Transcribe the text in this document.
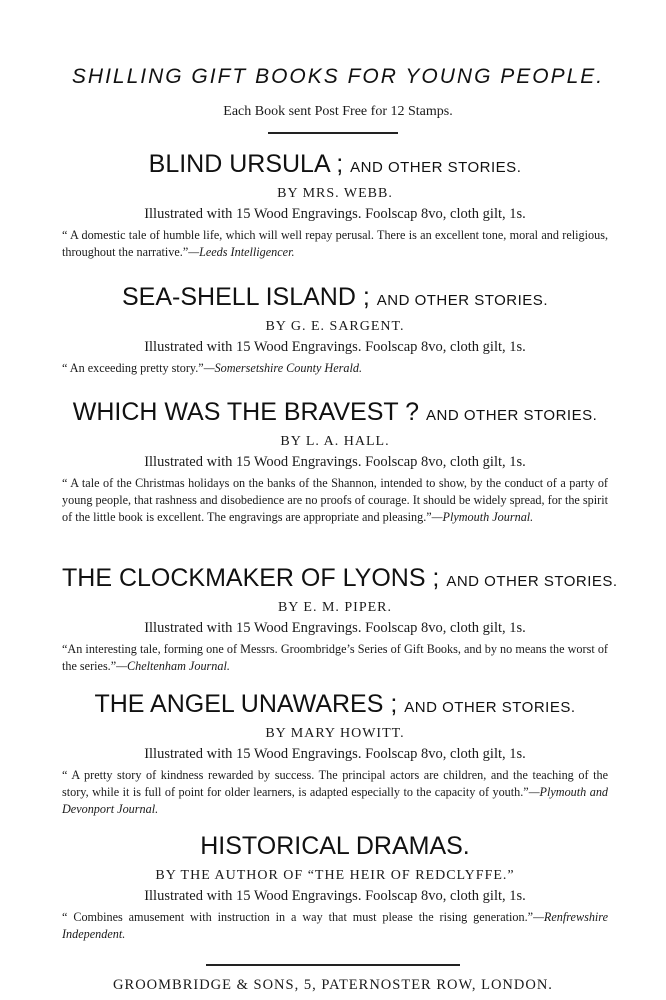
SHILLING GIFT BOOKS FOR YOUNG PEOPLE.
Each Book sent Post Free for 12 Stamps.
BLIND URSULA ; AND OTHER STORIES.
BY MRS. WEBB.
Illustrated with 15 Wood Engravings. Foolscap 8vo, cloth gilt, 1s.
“ A domestic tale of humble life, which will well repay perusal. There is an excellent tone, moral and religious, throughout the narrative.”—Leeds Intelligencer.
SEA-SHELL ISLAND ; AND OTHER STORIES.
BY G. E. SARGENT.
Illustrated with 15 Wood Engravings. Foolscap 8vo, cloth gilt, 1s.
“ An exceeding pretty story.”—Somersetshire County Herald.
WHICH WAS THE BRAVEST ? AND OTHER STORIES.
BY L. A. HALL.
Illustrated with 15 Wood Engravings. Foolscap 8vo, cloth gilt, 1s.
“ A tale of the Christmas holidays on the banks of the Shannon, intended to show, by the conduct of a party of young people, that rashness and disobedience are no proofs of courage. It should be widely spread, for the spirit of the little book is excellent. The engravings are appropriate and pleasing.”—Plymouth Journal.
THE CLOCKMAKER OF LYONS ; AND OTHER STORIES.
BY E. M. PIPER.
Illustrated with 15 Wood Engravings. Foolscap 8vo, cloth gilt, 1s.
“An interesting tale, forming one of Messrs. Groombridge’s Series of Gift Books, and by no means the worst of the series.”—Cheltenham Journal.
THE ANGEL UNAWARES ; AND OTHER STORIES.
BY MARY HOWITT.
Illustrated with 15 Wood Engravings. Foolscap 8vo, cloth gilt, 1s.
“ A pretty story of kindness rewarded by success. The principal actors are children, and the teaching of the story, while it is full of point for older learners, is adapted especially to the capacity of youth.”—Plymouth and Devonport Journal.
HISTORICAL DRAMAS.
BY THE AUTHOR OF “THE HEIR OF REDCLYFFE.”
Illustrated with 15 Wood Engravings. Foolscap 8vo, cloth gilt, 1s.
“ Combines amusement with instruction in a way that must please the rising generation.”—Renfrewshire Independent.
GROOMBRIDGE & SONS, 5, PATERNOSTER ROW, LONDON.
